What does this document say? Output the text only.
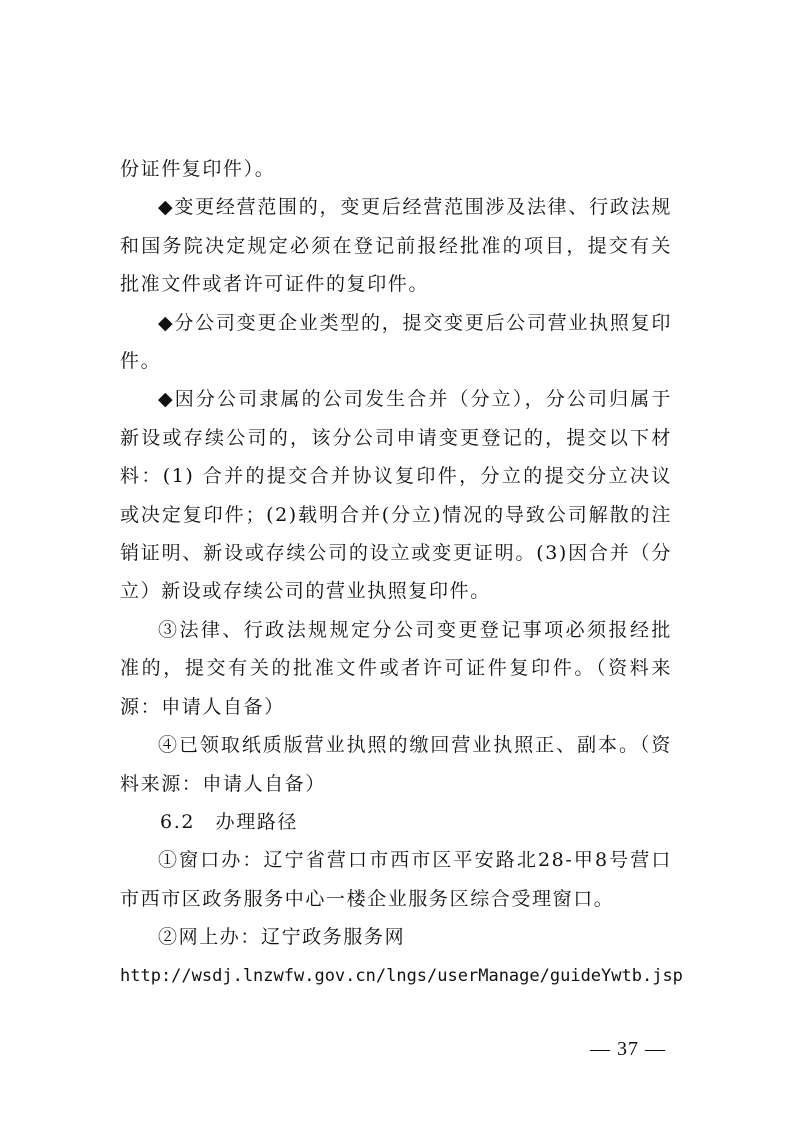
份证件复印件）。

◆变更经营范围的，变更后经营范围涉及法律、行政法规和国务院决定规定必须在登记前报经批准的项目，提交有关批准文件或者许可证件的复印件。

◆分公司变更企业类型的，提交变更后公司营业执照复印件。

◆因分公司隶属的公司发生合并（分立），分公司归属于新设或存续公司的，该分公司申请变更登记的，提交以下材料：(1) 合并的提交合并协议复印件，分立的提交分立决议或决定复印件；(2)载明合并(分立)情况的导致公司解散的注销证明、新设或存续公司的设立或变更证明。(3)因合并（分立）新设或存续公司的营业执照复印件。

③法律、行政法规规定分公司变更登记事项必须报经批准的，提交有关的批准文件或者许可证件复印件。（资料来源：申请人自备）

④已领取纸质版营业执照的缴回营业执照正、副本。（资料来源：申请人自备）

6.2　办理路径

①窗口办：辽宁省营口市西市区平安路北28-甲8号营口市西市区政务服务中心一楼企业服务区综合受理窗口。

②网上办：辽宁政务服务网

http://wsdj.lnzwfw.gov.cn/lngs/userManage/guideYwtb.jsp

— 37 —
